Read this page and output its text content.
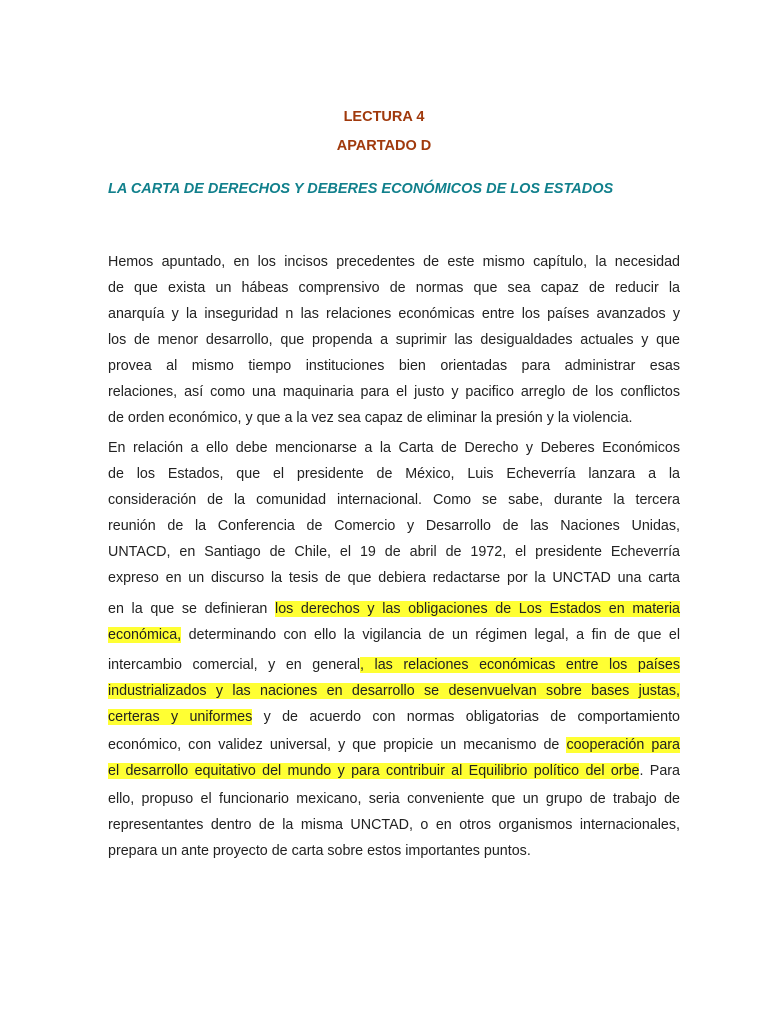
LECTURA 4
APARTADO D
LA CARTA DE DERECHOS Y DEBERES ECONÓMICOS DE LOS ESTADOS
Hemos apuntado, en los incisos precedentes de este mismo capítulo, la necesidad
de que exista un hábeas comprensivo de normas que sea capaz de reducir la
anarquía y la inseguridad n las relaciones económicas entre los países avanzados y
los de menor desarrollo, que propenda a suprimir las desigualdades actuales y que
provea al mismo tiempo instituciones bien orientadas para administrar esas
relaciones, así como una maquinaria para el justo y pacifico arreglo de los conflictos
de orden económico, y que a la vez sea capaz de eliminar la presión y la violencia.
En relación a ello debe mencionarse a la Carta de Derecho y Deberes Económicos
de los Estados, que el presidente de México, Luis Echeverría lanzara a la
consideración de la comunidad internacional. Como se sabe, durante la tercera
reunión de la Conferencia de Comercio y Desarrollo de las Naciones Unidas,
UNTACD, en Santiago de Chile, el 19 de abril de 1972, el presidente Echeverría
expreso en un discurso la tesis de que debiera redactarse por la UNCTAD una carta
en la que se definieran los derechos y las obligaciones de Los Estados en materia
económica, determinando con ello la vigilancia de un régimen legal, a fin de que el
intercambio comercial, y en general, las relaciones económicas entre los países
industrializados y las naciones en desarrollo se desenvuelvan sobre bases justas,
certeras y uniformes y de acuerdo con normas obligatorias de comportamiento
económico, con validez universal, y que propicie un mecanismo de cooperación para
el desarrollo equitativo del mundo y para contribuir al Equilibrio político del orbe. Para
ello, propuso el funcionario mexicano, seria conveniente que un grupo de trabajo de
representantes dentro de la misma UNCTAD, o en otros organismos internacionales,
prepara un ante proyecto de carta sobre estos importantes puntos.
